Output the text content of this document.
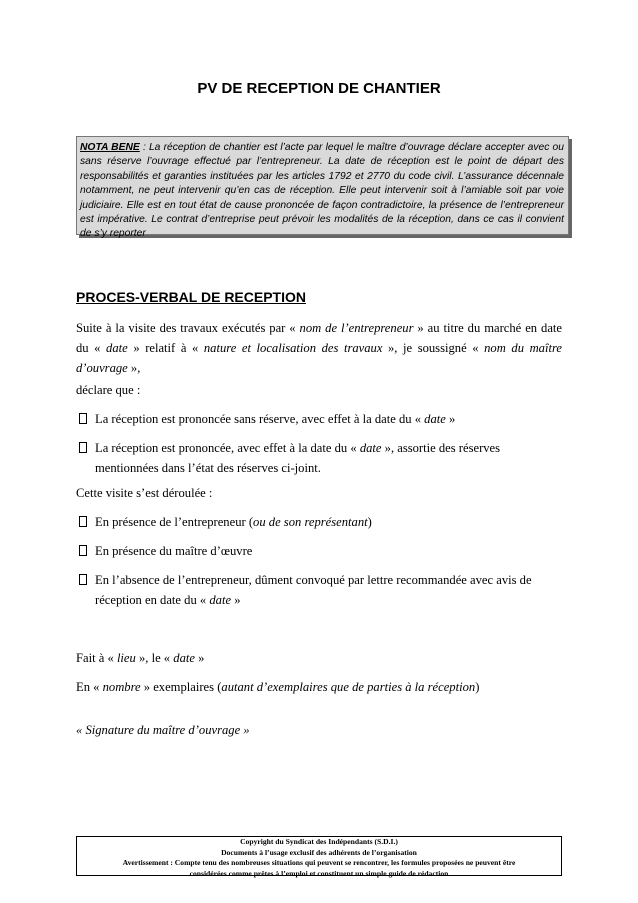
PV DE RECEPTION DE CHANTIER
NOTA BENE : La réception de chantier est l’acte par lequel le maître d’ouvrage déclare accepter avec ou sans réserve l’ouvrage effectué par l’entrepreneur. La date de réception est le point de départ des responsabilités et garanties instituées par les articles 1792 et 2770 du code civil. L’assurance décennale notamment, ne peut intervenir qu’en cas de réception. Elle peut intervenir soit à l’amiable soit par voie judiciaire. Elle est en tout état de cause prononcée de façon contradictoire, la présence de l’entrepreneur est impérative. Le contrat d’entreprise peut prévoir les modalités de la réception, dans ce cas il convient de s’y reporter
PROCES-VERBAL DE RECEPTION
Suite à la visite des travaux exécutés par « nom de l’entrepreneur » au titre du marché en date du « date » relatif à « nature et localisation des travaux », je soussigné « nom du maître d’ouvrage »,
déclare que :
La réception est prononcée sans réserve, avec effet à la date du « date »
La réception est prononcée, avec effet à la date du « date », assortie des réserves mentionnées dans l’état des réserves ci-joint.
Cette visite s’est déroulée :
En présence de l’entrepreneur (ou de son représentant)
En présence du maître d’œuvre
En l’absence de l’entrepreneur, dûment convoqué par lettre recommandée avec avis de réception en date du « date »
Fait à « lieu », le « date »
En « nombre » exemplaires (autant d’exemplaires que de parties à la réception)
« Signature du maître d’ouvrage »
Copyright du Syndicat des Indépendants (S.D.I.)
Documents à l’usage exclusif des adhérents de l’organisation
Avertissement : Compte tenu des nombreuses situations qui peuvent se rencontrer, les formules proposées ne peuvent être
considérées comme prêtes à l’emploi et constituent un simple guide de rédaction
